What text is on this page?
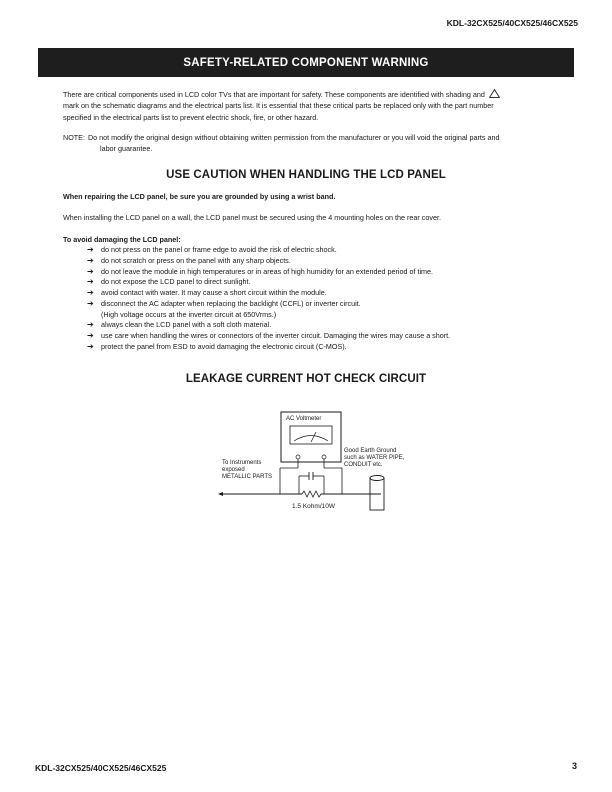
KDL-32CX525/40CX525/46CX525
SAFETY-RELATED COMPONENT WARNING

There are critical components used in LCD color TVs that are important for safety. These components are identified with shading and
mark on the schematic diagrams and the electrical parts list. It is essential that these critical parts be replaced only with the part number
specified in the electrical parts list to prevent electric shock, fire, or other hazard.

NOTE: Do not modify the original design without obtaining written permission from the manufacturer or you will void the original parts and
labor guarantee.
USE CAUTION WHEN HANDLING THE LCD PANEL
When repairing the LCD panel, be sure you are grounded by using a wrist band.
When installing the LCD panel on a wall, the LCD panel must be secured using the 4 mounting holes on the rear cover.
To avoid damaging the LCD panel:
➔	do not press on the panel or frame edge to avoid the risk of electric shock.
➔	do not scratch or press on the panel with any sharp objects.
➔	do not leave the module in high temperatures or in areas of high humidity for an extended period of time.
➔	do not expose the LCD panel to direct sunlight.
➔	avoid contact with water. It may cause a short circuit within the module.
➔	disconnect the AC adapter when replacing the backlight (CCFL) or inverter circuit.
(High voltage occurs at the inverter circuit at 650Vrms.)
➔	always clean the LCD panel with a soft cloth material.
➔	use care when handling the wires or connectors of the inverter circuit. Damaging the wires may cause a short.
➔	protect the panel from ESD to avoid damaging the electronic circuit (C-MOS).
LEAKAGE CURRENT HOT CHECK CIRCUIT
AC Voltmeter
To Instruments
exposed
METALLIC PARTS
Good Earth Ground
such as WATER PIPE,
CONDUIT etc.
1.5 Kohm/10W
KDL-32CX525/40CX525/46CX525	3
